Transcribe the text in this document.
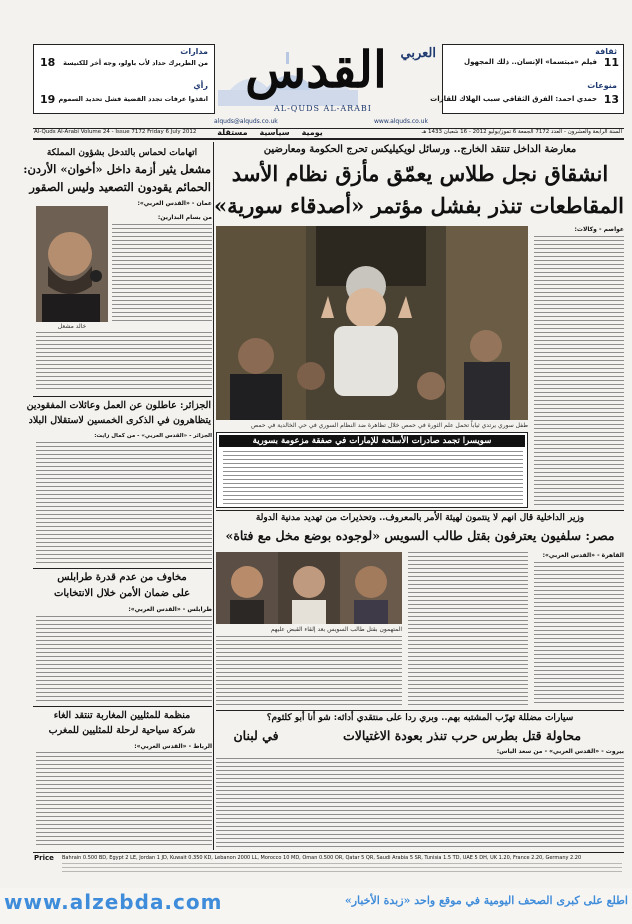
ثقافة
فيلم «مبتسما» الإنسان.. ذلك المجهول 11
منوعات
حمدي احمد: الفرق الثقافي سبب الهلاك للقارات 13
مدارات
من الطريرك حداد لأب باولو، وجه أخر للكنيسة
18
رأي
انقذوا عرفات تجدد القضية فشل تحديد السموم
19
القدس	العربي
AL-QUDS AL-ARABI
alquds@alquds.co.uk	www.alquds.co.uk
السنة الرابعة والعشرون - العدد 7172 الجمعة 6 تموز/يوليو 2012 - 16 شعبان 1433 هـ
يومية
سياسية
مستقلة
Al-Quds Al-Arabi Volume 24 - Issue 7172 Friday 6 July 2012
معارضة الداخل تنتقد الخارج.. ورسائل لويكيليكس تحرج الحكومة ومعارضين
انشقاق نجل طلاس يعمّق مأزق نظام الأسد
المقاطعات تنذر بفشل مؤتمر «أصدقاء سورية»
عواصم - وكالات:
طفل سوري يرتدي ثياباً تحمل علم الثورة في حمص خلال تظاهرة ضد النظام السوري في حي الخالدية في حمص
سويسرا تجمد صادرات الأسلحة للإمارات في صفقة مزعومة بسورية
اتهامات لحماس بالتدخل بشؤون المملكة
مشعل يثير أزمة داخل «أخوان» الأردن:
الحمائم يقودون التصعيد وليس الصقور
عمان - «القدس العربي»:
خالد مشعل
من بسام البدارين:
الجزائر: عاطلون عن العمل وعائلات المفقودين
يتظاهرون في الذكرى الخمسين لاستقلال البلاد
الجزائر - «القدس العربي» - من كمال زايت:
مخاوف من عدم قدرة طرابلس
على ضمان الأمن خلال الانتخابات
طرابلس - «القدس العربي»:
منظمة للمثليين المغاربة تنتقد الغاء
شركة سياحية لرحلة للمثليين للمغرب
الرباط - «القدس العربي»:
وزير الداخلية قال انهم لا ينتمون لهيئة الأمر بالمعروف.. وتحذيرات من تهديد مدنية الدولة
مصر: سلفيون يعترفون بقتل طالب السويس «لوجوده بوضع مخل مع فتاة»
القاهرة - «القدس العربي»:
المتهمون بقتل طالب السويس بعد إلقاء القبض عليهم
سيارات مضللة تهرّب المشتبه بهم.. وبري ردا على منتقدي أدائه: شو أنا أبو كلثوم؟
محاولة قتل بطرس حرب تنذر بعودة الاغتيالات
في لبنان
بيروت - «القدس العربي» - من سعد الياس:
Price Bahrain 0.500 BD, Egypt 2 LE, Jordan 1 JD, Kuwait 0.350 KD, Lebanon 2000 LL, Morocco 10 MD, Oman 0.500 OR, Qatar 5 QR, Saudi Arabia 5 SR, Tunisia 1.5 TD, UAE 5 DH, UK 1.20, France 2.20, Germany 2.20
www.alzebda.com	اطلع على كبرى الصحف اليومية في موقع واحد «زبدة الأخبار»
